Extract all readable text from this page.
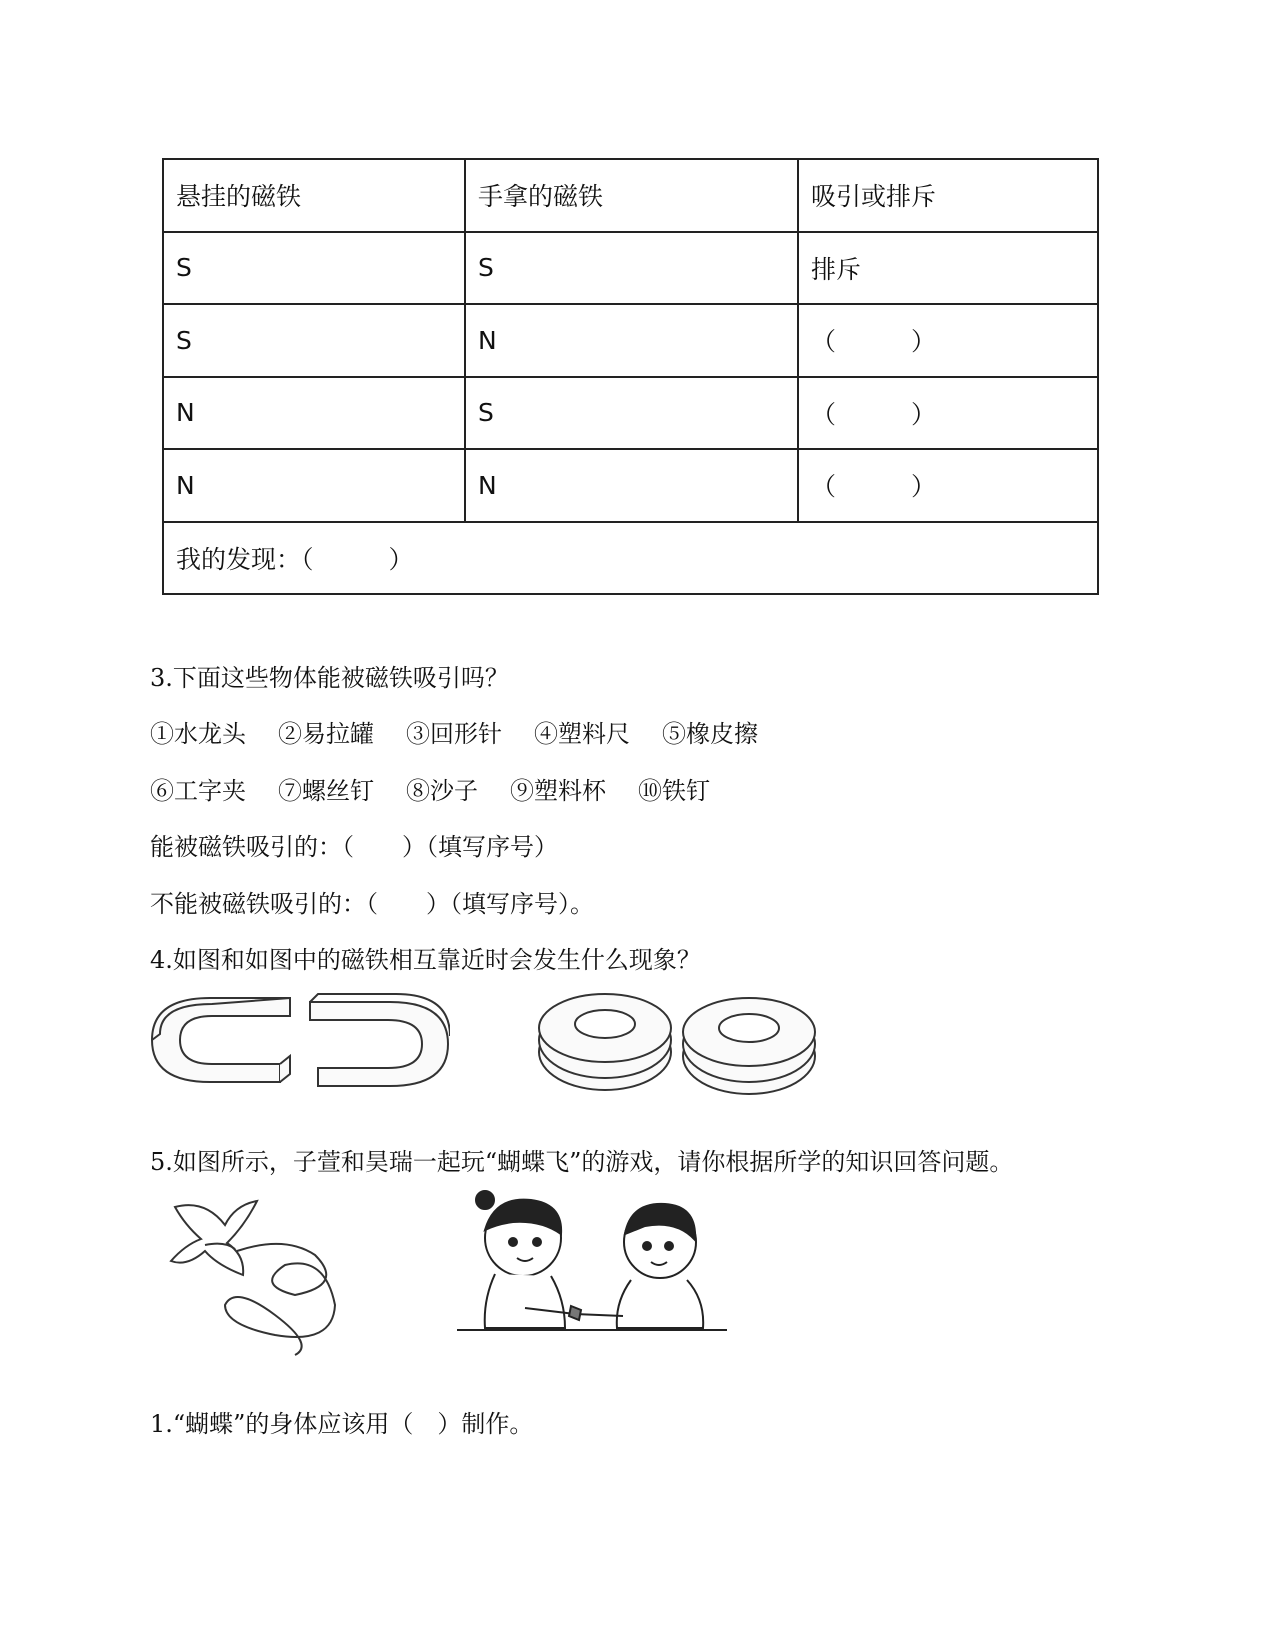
悬挂的磁铁	手拿的磁铁	吸引或排斥
S	S	排斥
S	N	（　　　）
N	S	（　　　）
N	N	（　　　）
我的发现：（　　　）		
3.下面这些物体能被磁铁吸引吗？
①水龙头 ②易拉罐 ③回形针 ④塑料尺 ⑤橡皮擦
⑥工字夹 ⑦螺丝钉 ⑧沙子 ⑨塑料杯 ⑩铁钉
能被磁铁吸引的：（　　）（填写序号）
不能被磁铁吸引的：（　　）（填写序号）。
4.如图和如图中的磁铁相互靠近时会发生什么现象？
5.如图所示，子萱和昊瑞一起玩“蝴蝶飞”的游戏，请你根据所学的知识回答问题。
1.“蝴蝶”的身体应该用（　）制作。
